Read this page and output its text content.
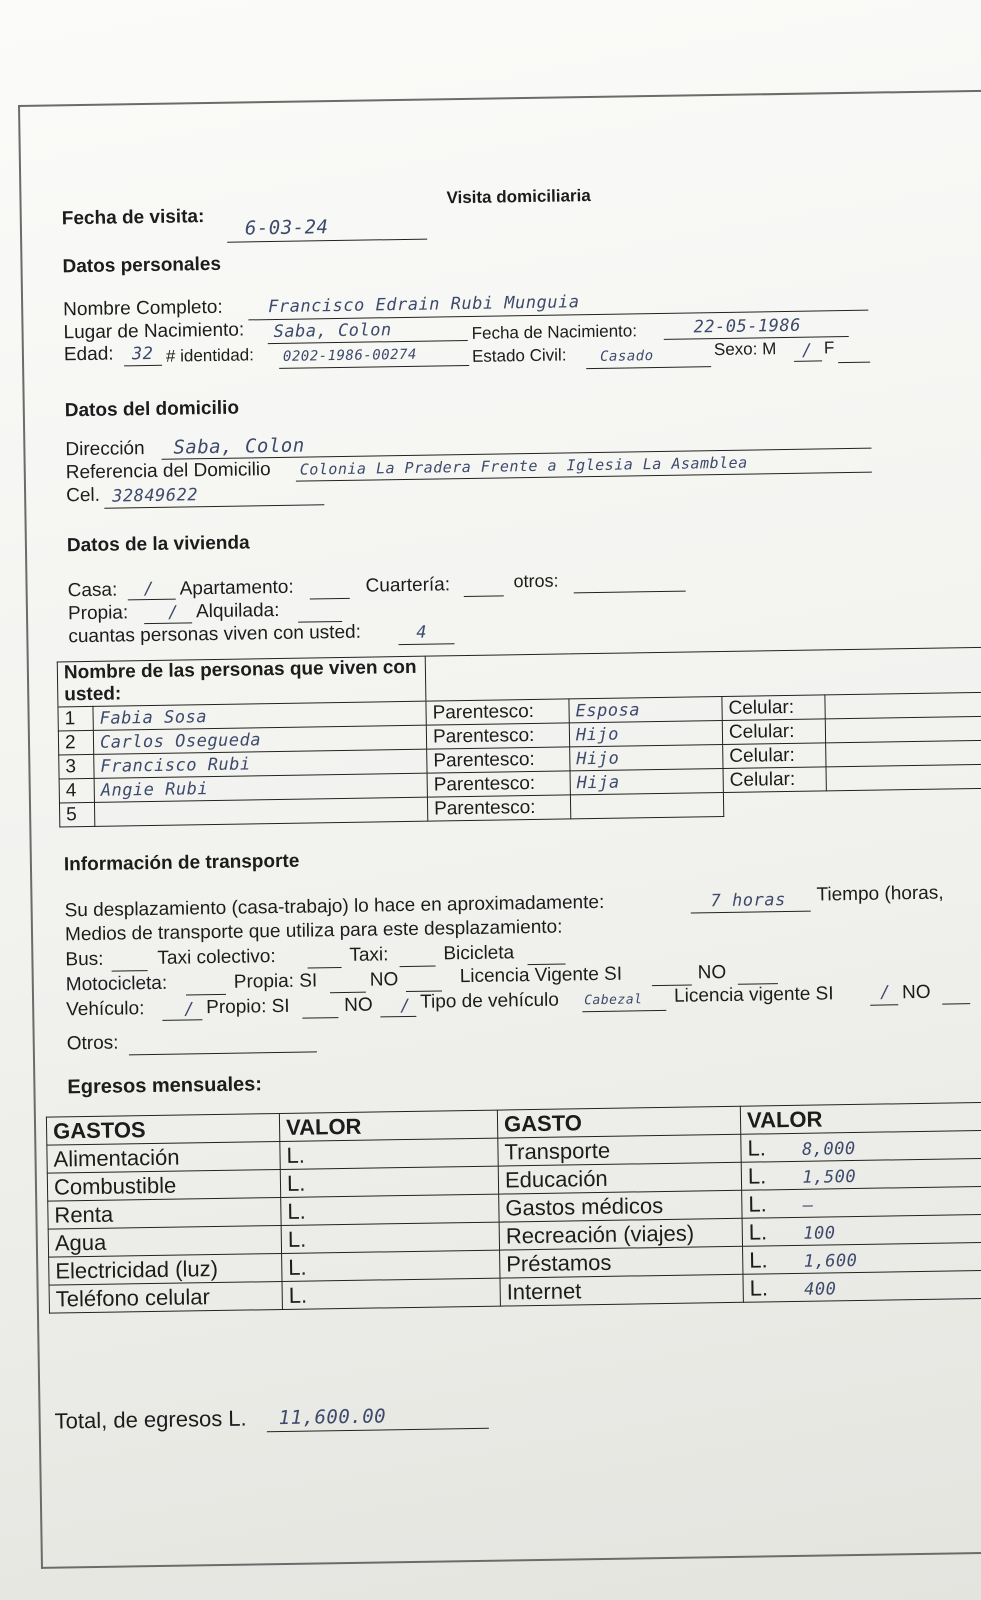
Visita domiciliaria
Fecha de visita: 6-03-24
Datos personales
Nombre Completo:	Francisco Edrain Rubi Munguia
Lugar de Nacimiento: Saba, Colon	Fecha de Nacimiento:	22-05-1986
Edad: 32 # identidad: 0202-1986-00274	Estado Civil: Casado	Sexo: M / F
Datos del domicilio
Dirección Saba, Colon
Referencia del Domicilio Colonia La Pradera Frente a Iglesia La Asamblea
Cel. 32849622
Datos de la vivienda
Casa: / Apartamento:	Cuartería:	otros:
Propia: / Alquilada:
cuantas personas viven con usted:	4
Nombre de las personas que viven con usted:					
1	Fabia Sosa	Parentesco:	Esposa	Celular:	
2	Carlos Osegueda	Parentesco:	Hijo	Celular:	
3	Francisco Rubi	Parentesco:	Hijo	Celular:	
4	Angie Rubi	Parentesco:	Hija	Celular:	
5		Parentesco:			
Información de transporte
Su desplazamiento (casa-trabajo) lo hace en aproximadamente:	7 horas Tiempo (horas,
Medios de transporte que utiliza para este desplazamiento:
Bus:	Taxi colectivo:	Taxi:	Bicicleta
Motocicleta:	Propia: SI	NO	Licencia Vigente SI	NO
Vehículo: / Propio: SI	NO / Tipo de vehículo Cabezal Licencia vigente SI	/ NO
Otros:
Egresos mensuales:
GASTOS	VALOR	GASTO	VALOR
Alimentación	L.	Transporte	L. 8,000
Combustible	L.	Educación	L. 1,500
Renta	L.	Gastos médicos	L. —
Agua	L.	Recreación (viajes)	L. 100
Electricidad (luz)	L.	Préstamos	L. 1,600
Teléfono celular	L.	Internet	L. 400
Total, de egresos L. 11,600.00
